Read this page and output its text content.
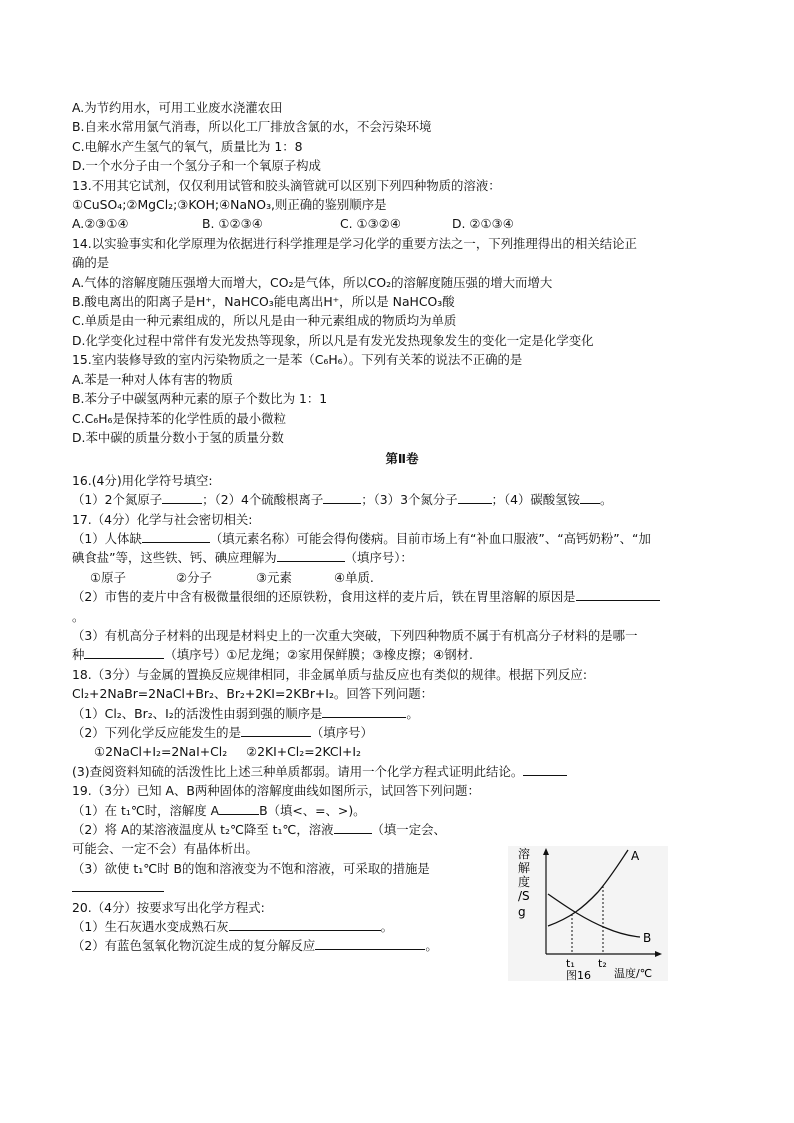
A.为节约用水，可用工业废水浇灌农田
B.自来水常用氯气消毒，所以化工厂排放含氯的水，不会污染环境
C.电解水产生氢气的氧气，质量比为 1：8
D.一个水分子由一个氢分子和一个氧原子构成
13.不用其它试剂，仅仅利用试管和胶头滴管就可以区别下列四种物质的溶液：
①CuSO₄;②MgCl₂;③KOH;④NaNO₃,则正确的鉴别顺序是
A.②③①④	B. ①②③④	C. ①③②④	D. ②①③④
14.以实验事实和化学原理为依据进行科学推理是学习化学的重要方法之一，下列推理得出的相关结论正
确的是
A.气体的溶解度随压强增大而增大，CO₂是气体，所以CO₂的溶解度随压强的增大而增大
B.酸电离出的阳离子是H⁺，NaHCO₃能电离出H⁺，所以是 NaHCO₃酸
C.单质是由一种元素组成的，所以凡是由一种元素组成的物质均为单质
D.化学变化过程中常伴有发光发热等现象，所以凡是有发光发热现象发生的变化一定是化学变化
15.室内装修导致的室内污染物质之一是苯（C₆H₆）。下列有关苯的说法不正确的是
A.苯是一种对人体有害的物质
B.苯分子中碳氢两种元素的原子个数比为 1：1
C.C₆H₆是保持苯的化学性质的最小微粒
D.苯中碳的质量分数小于氢的质量分数
第Ⅱ卷
16.(4分)用化学符号填空:
（1）2个氮原子	；（2）4个硫酸根离子	；（3）3个氮分子	；（4）碳酸氢铵 。
17.（4分）化学与社会密切相关:
（1）人体缺	（填元素名称）可能会得佝偻病。目前市场上有“补血口服液”、“高钙奶粉”、“加
碘食盐”等，这些铁、钙、碘应理解为	（填序号）：
①原子	②分子	③元素	④单质.
（2）市售的麦片中含有极微量很细的还原铁粉，食用这样的麦片后，铁在胃里溶解的原因是
。
（3）有机高分子材料的出现是材料史上的一次重大突破，下列四种物质不属于有机高分子材料的是哪一
种	（填序号）①尼龙绳；②家用保鲜膜；③橡皮擦；④钢材.
18.（3分）与金属的置换反应规律相同，非金属单质与盐反应也有类似的规律。根据下列反应:
Cl₂+2NaBr=2NaCl+Br₂、Br₂+2KI=2KBr+I₂。回答下列问题：
（1）Cl₂、Br₂、I₂的活泼性由弱到强的顺序是	。
（2）下列化学反应能发生的是	（填序号）
①2NaCl+I₂=2NaI+Cl₂	②2KI+Cl₂=2KCl+I₂
(3)查阅资料知硫的活泼性比上述三种单质都弱。请用一个化学方程式证明此结论。
19.（3分）已知 A、B两种固体的溶解度曲线如图所示，试回答下列问题：
（1）在 t₁℃时，溶解度 A	B（填<、=、>)。
（2）将 A的某溶液温度从 t₂℃降至 t₁℃，溶液	（填一定会、
可能会、一定不会）有晶体析出。
（3）欲使 t₁℃时 B的饱和溶液变为不饱和溶液，可采取的措施是
20.（4分）按要求写出化学方程式:
（1）生石灰遇水变成熟石灰	。
（2）有蓝色氢氧化物沉淀生成的复分解反应	。
溶
解
度
/S
g
A
B
t₁ t₂
图16 温度/℃
